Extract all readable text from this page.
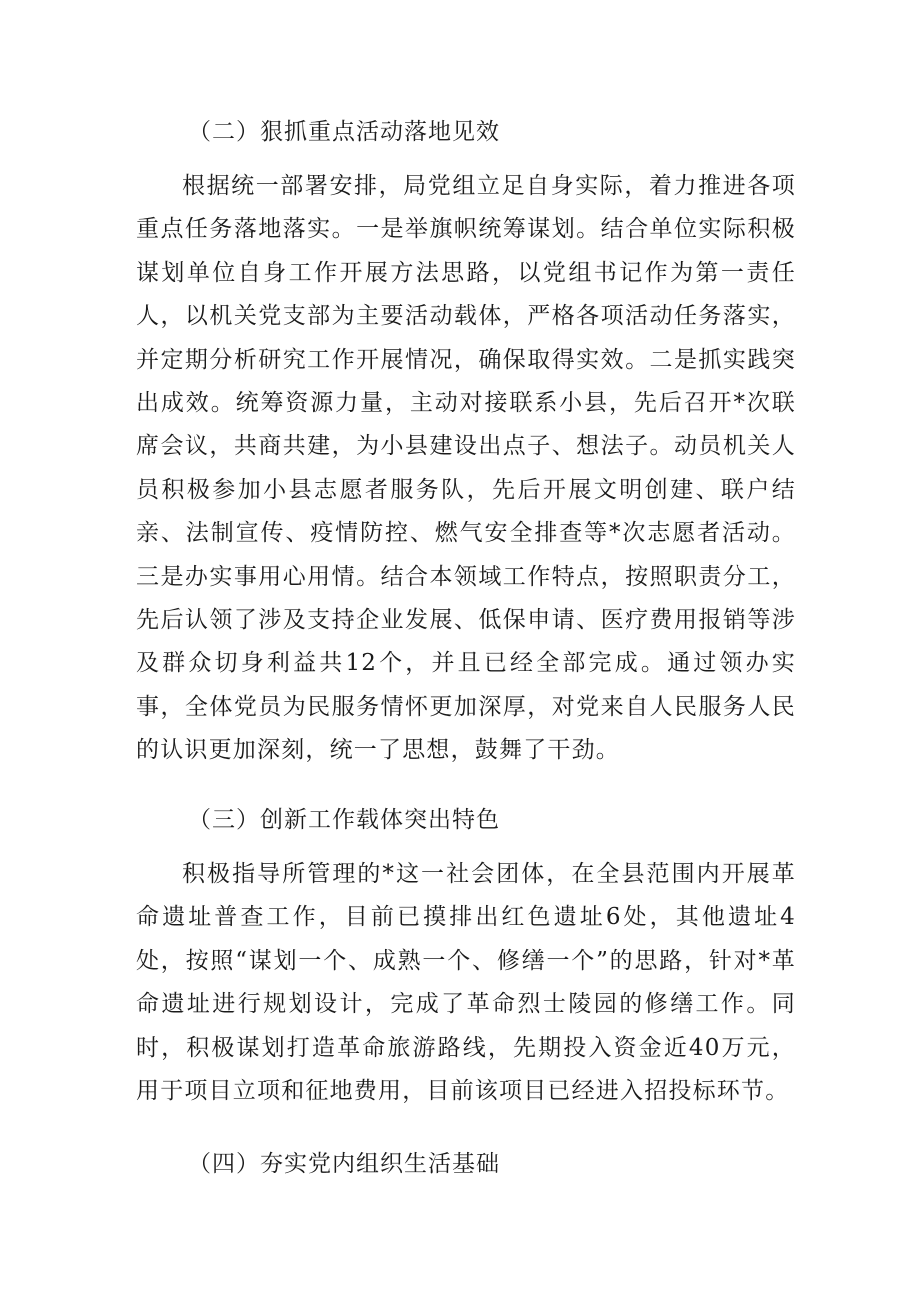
（二）狠抓重点活动落地见效

根据统一部署安排，局党组立足自身实际，着力推进各项重点任务落地落实。一是举旗帜统筹谋划。结合单位实际积极谋划单位自身工作开展方法思路，以党组书记作为第一责任人，以机关党支部为主要活动载体，严格各项活动任务落实，并定期分析研究工作开展情况，确保取得实效。二是抓实践突出成效。统筹资源力量，主动对接联系小县，先后召开*次联席会议，共商共建，为小县建设出点子、想法子。动员机关人员积极参加小县志愿者服务队，先后开展文明创建、联户结亲、法制宣传、疫情防控、燃气安全排查等*次志愿者活动。三是办实事用心用情。结合本领域工作特点，按照职责分工，先后认领了涉及支持企业发展、低保申请、医疗费用报销等涉及群众切身利益共12个，并且已经全部完成。通过领办实事，全体党员为民服务情怀更加深厚，对党来自人民服务人民的认识更加深刻，统一了思想，鼓舞了干劲。

（三）创新工作载体突出特色

积极指导所管理的*这一社会团体，在全县范围内开展革命遗址普查工作，目前已摸排出红色遗址6处，其他遗址4处，按照“谋划一个、成熟一个、修缮一个”的思路，针对*革命遗址进行规划设计，完成了革命烈士陵园的修缮工作。同时，积极谋划打造革命旅游路线，先期投入资金近40万元，用于项目立项和征地费用，目前该项目已经进入招投标环节。

（四）夯实党内组织生活基础
